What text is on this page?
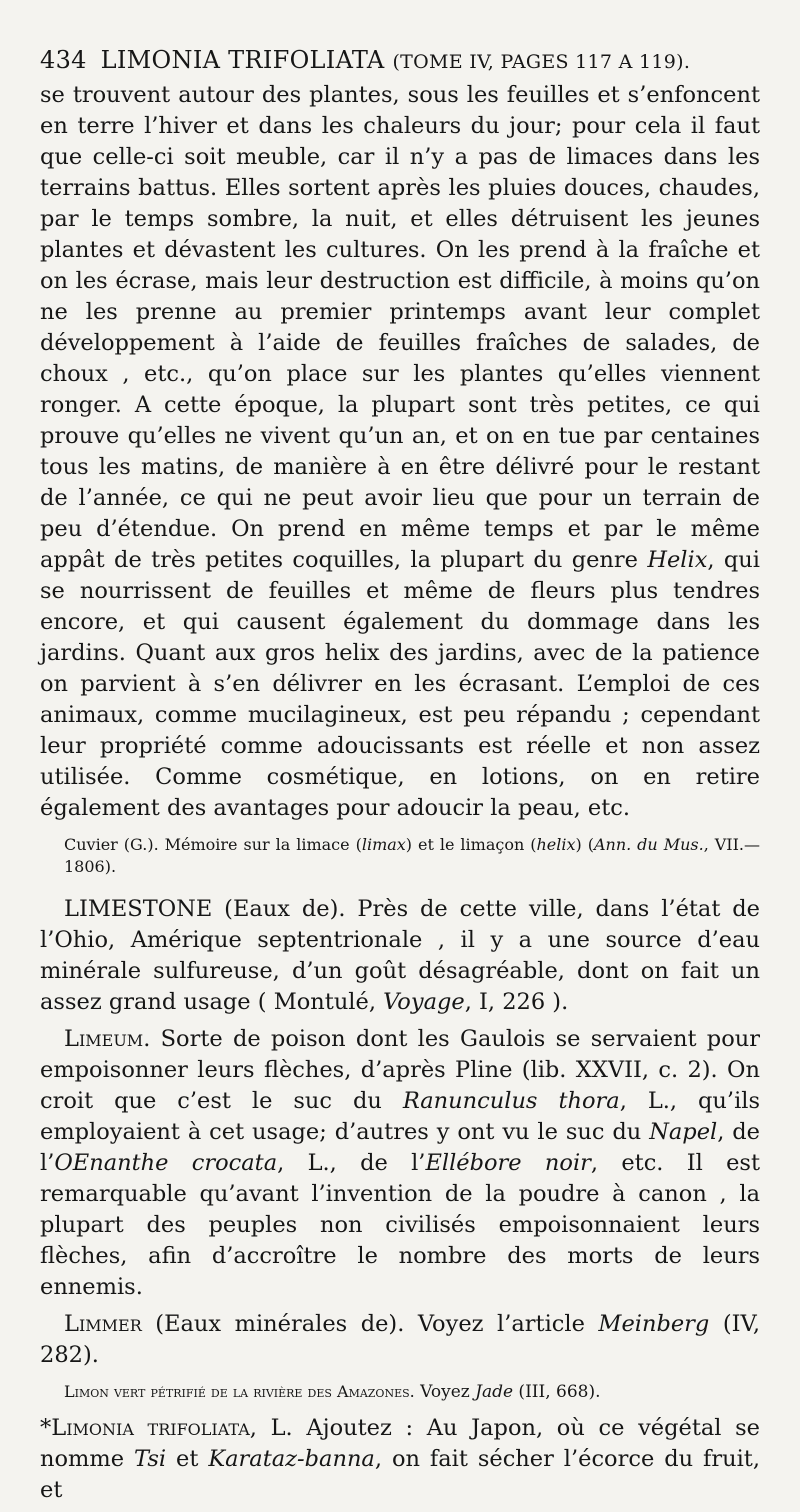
434 LIMONIA TRIFOLIATA (TOME IV, PAGES 117 A 119).

se trouvent autour des plantes, sous les feuilles et s’enfoncent en terre l’hiver et dans les chaleurs du jour; pour cela il faut que celle-ci soit meuble, car il n’y a pas de limaces dans les terrains battus. Elles sortent après les pluies douces, chaudes, par le temps sombre, la nuit, et elles détruisent les jeunes plantes et dévastent les cultures. On les prend à la fraîche et on les écrase, mais leur destruction est difficile, à moins qu’on ne les prenne au premier printemps avant leur complet développement à l’aide de feuilles fraîches de salades, de choux , etc., qu’on place sur les plantes qu’elles viennent ronger. A cette époque, la plupart sont très petites, ce qui prouve qu’elles ne vivent qu’un an, et on en tue par centaines tous les matins, de manière à en être délivré pour le restant de l’année, ce qui ne peut avoir lieu que pour un terrain de peu d’étendue. On prend en même temps et par le même appât de très petites coquilles, la plupart du genre Helix, qui se nourrissent de feuilles et même de fleurs plus tendres encore, et qui causent également du dommage dans les jardins. Quant aux gros helix des jardins, avec de la patience on parvient à s’en délivrer en les écrasant. L’emploi de ces animaux, comme mucilagineux, est peu répandu ; cependant leur propriété comme adoucissants est réelle et non assez utilisée. Comme cosmétique, en lotions, on en retire également des avantages pour adoucir la peau, etc.

Cuvier (G.). Mémoire sur la limace (limax) et le limaçon (helix) (Ann. du Mus., VII.— 1806).

LIMESTONE (Eaux de). Près de cette ville, dans l’état de l’Ohio, Amérique septentrionale , il y a une source d’eau minérale sulfureuse, d’un goût désagréable, dont on fait un assez grand usage ( Montulé, Voyage, I, 226 ).

Limeum. Sorte de poison dont les Gaulois se servaient pour empoisonner leurs flèches, d’après Pline (lib. XXVII, c. 2). On croit que c’est le suc du Ranunculus thora, L., qu’ils employaient à cet usage; d’autres y ont vu le suc du Napel, de l’OEnanthe crocata, L., de l’Ellébore noir, etc. Il est remarquable qu’avant l’invention de la poudre à canon , la plupart des peuples non civilisés empoisonnaient leurs flèches, afin d’accroître le nombre des morts de leurs ennemis.

Limmer (Eaux minérales de). Voyez l’article Meinberg (IV, 282).

Limon vert pétrifié de la rivière des Amazones. Voyez Jade (III, 668).

*Limonia trifoliata, L. Ajoutez : Au Japon, où ce végétal se nomme Tsi et Karataz-banna, on fait sécher l’écorce du fruit, et
